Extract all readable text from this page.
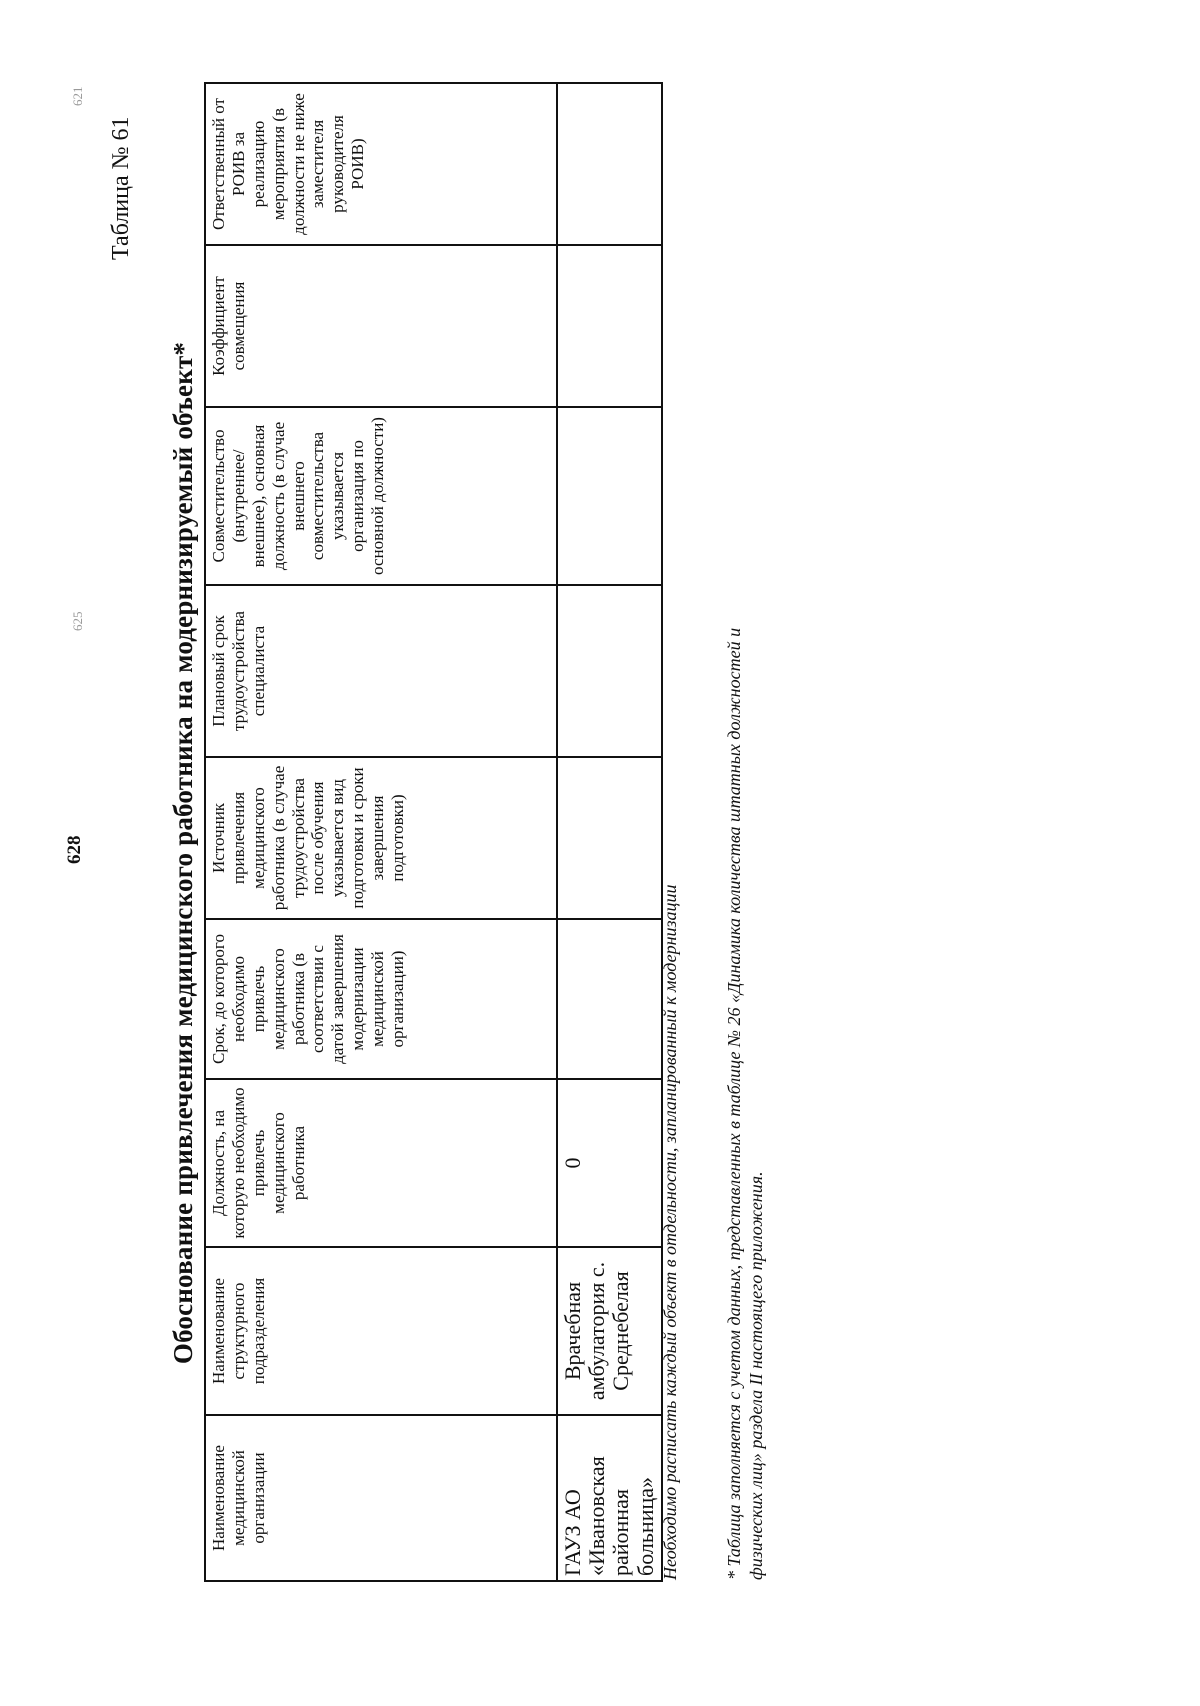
625
628
621
Таблица № 61
Обоснование привлечения медицинского работника на модернизируемый объект*
Наименование медицинской организации	Наименование структурного подразделения	Должность, на которую необходимо привлечь медицинского работника	Срок, до которого необходимо привлечь медицинского работника (в соответствии с датой завершения модернизации медицинской организации)	Источник привлечения медицинского работника (в случае трудоустройства после обучения указывается вид подготовки и сроки завершения подготовки)	Плановый срок трудоустройства специалиста	Совместительство (внутреннее/ внешнее), основная должность (в случае внешнего совместительства указывается организация по основной должности)	Коэффициент совмещения	Ответственный от РОИВ за реализацию мероприятия (в должности не ниже заместителя руководителя РОИВ)
ГАУЗ АО «Ивановская районная больница»	Врачебная амбулатория с. Среднебелая	0							Необходимо расписать каждый объект в отдельности, запланированный к модернизации * Таблица заполняется с учетом данных, представленных в таблице № 26 «Динамика количества штатных должностей и физических лиц» раздела II настоящего приложения.
